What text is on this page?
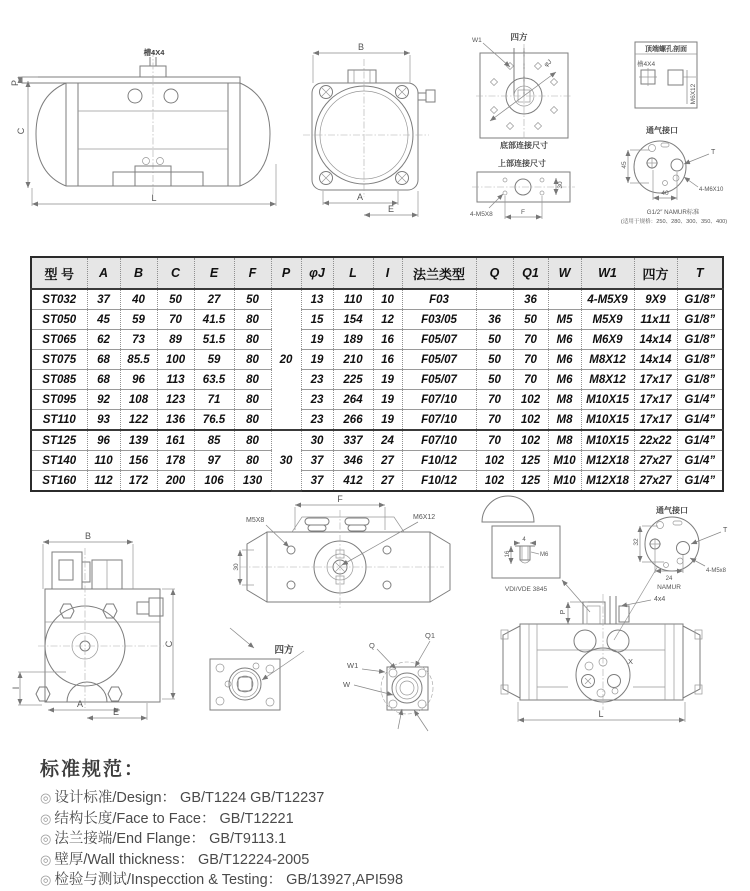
槽4X4
P
C
L
B
A
E
W1	四方
φJ
底部连接尺寸
上部连接尺寸
4-M5X8	F
30
顶端螺孔剖面
槽4X4
M6X12
通气接口
45
40
T
4-M6X10
G1/2″ NAMUR标准
(适用于规格：250、280、300、350、400)
型 号	A	B	C	E	F	P	φJ	L	I	法兰类型	Q	Q1	W	W1	四方	T
ST032	37	40	50	27	50	20	13	110	10	F03		36		4-M5X9	9X9	G1/8”
ST050	45	59	70	41.5	80		15	154	12	F03/05	36	50	M5	M5X9	11x11	G1/8”
ST065	62	73	89	51.5	80		19	189	16	F05/07	50	70	M6	M6X9	14x14	G1/8”
ST075	68	85.5	100	59	80		19	210	16	F05/07	50	70	M6	M8X12	14x14	G1/8”
ST085	68	96	113	63.5	80		23	225	19	F05/07	50	70	M6	M8X12	17x17	G1/8”
ST095	92	108	123	71	80		23	264	19	F07/10	70	102	M8	M10X15	17x17	G1/4”
ST110	93	122	136	76.5	80		23	266	19	F07/10	70	102	M8	M10X15	17x17	G1/4”
ST125	96	139	161	85	80	30	30	337	24	F07/10	70	102	M8	M10X15	22x22	G1/4”
ST140	110	156	178	97	80		37	346	27	F10/12	102	125	M10	M12X18	27x27	G1/4”
ST160	112	172	200	106	130		37	412	27	F10/12	102	125	M10	M12X18	27x27	G1/4”
B
C
I
A
E
F
M5X8	M6X12
30
四方	Q
Q1
W1
W
4
16	M6
VDI/VDE 3845
通气接口
32
24
T
4-M5x8
NAMUR
4x4
P
X
L
标准规范：
◎ 设计标准/Design： GB/T1224 GB/T12237
◎ 结构长度/Face to Face： GB/T12221
◎ 法兰接端/End Flange： GB/T9113.1
◎ 壁厚/Wall thickness： GB/T12224-2005
◎ 检验与测试/Inspecction & Testing： GB/13927,API598
